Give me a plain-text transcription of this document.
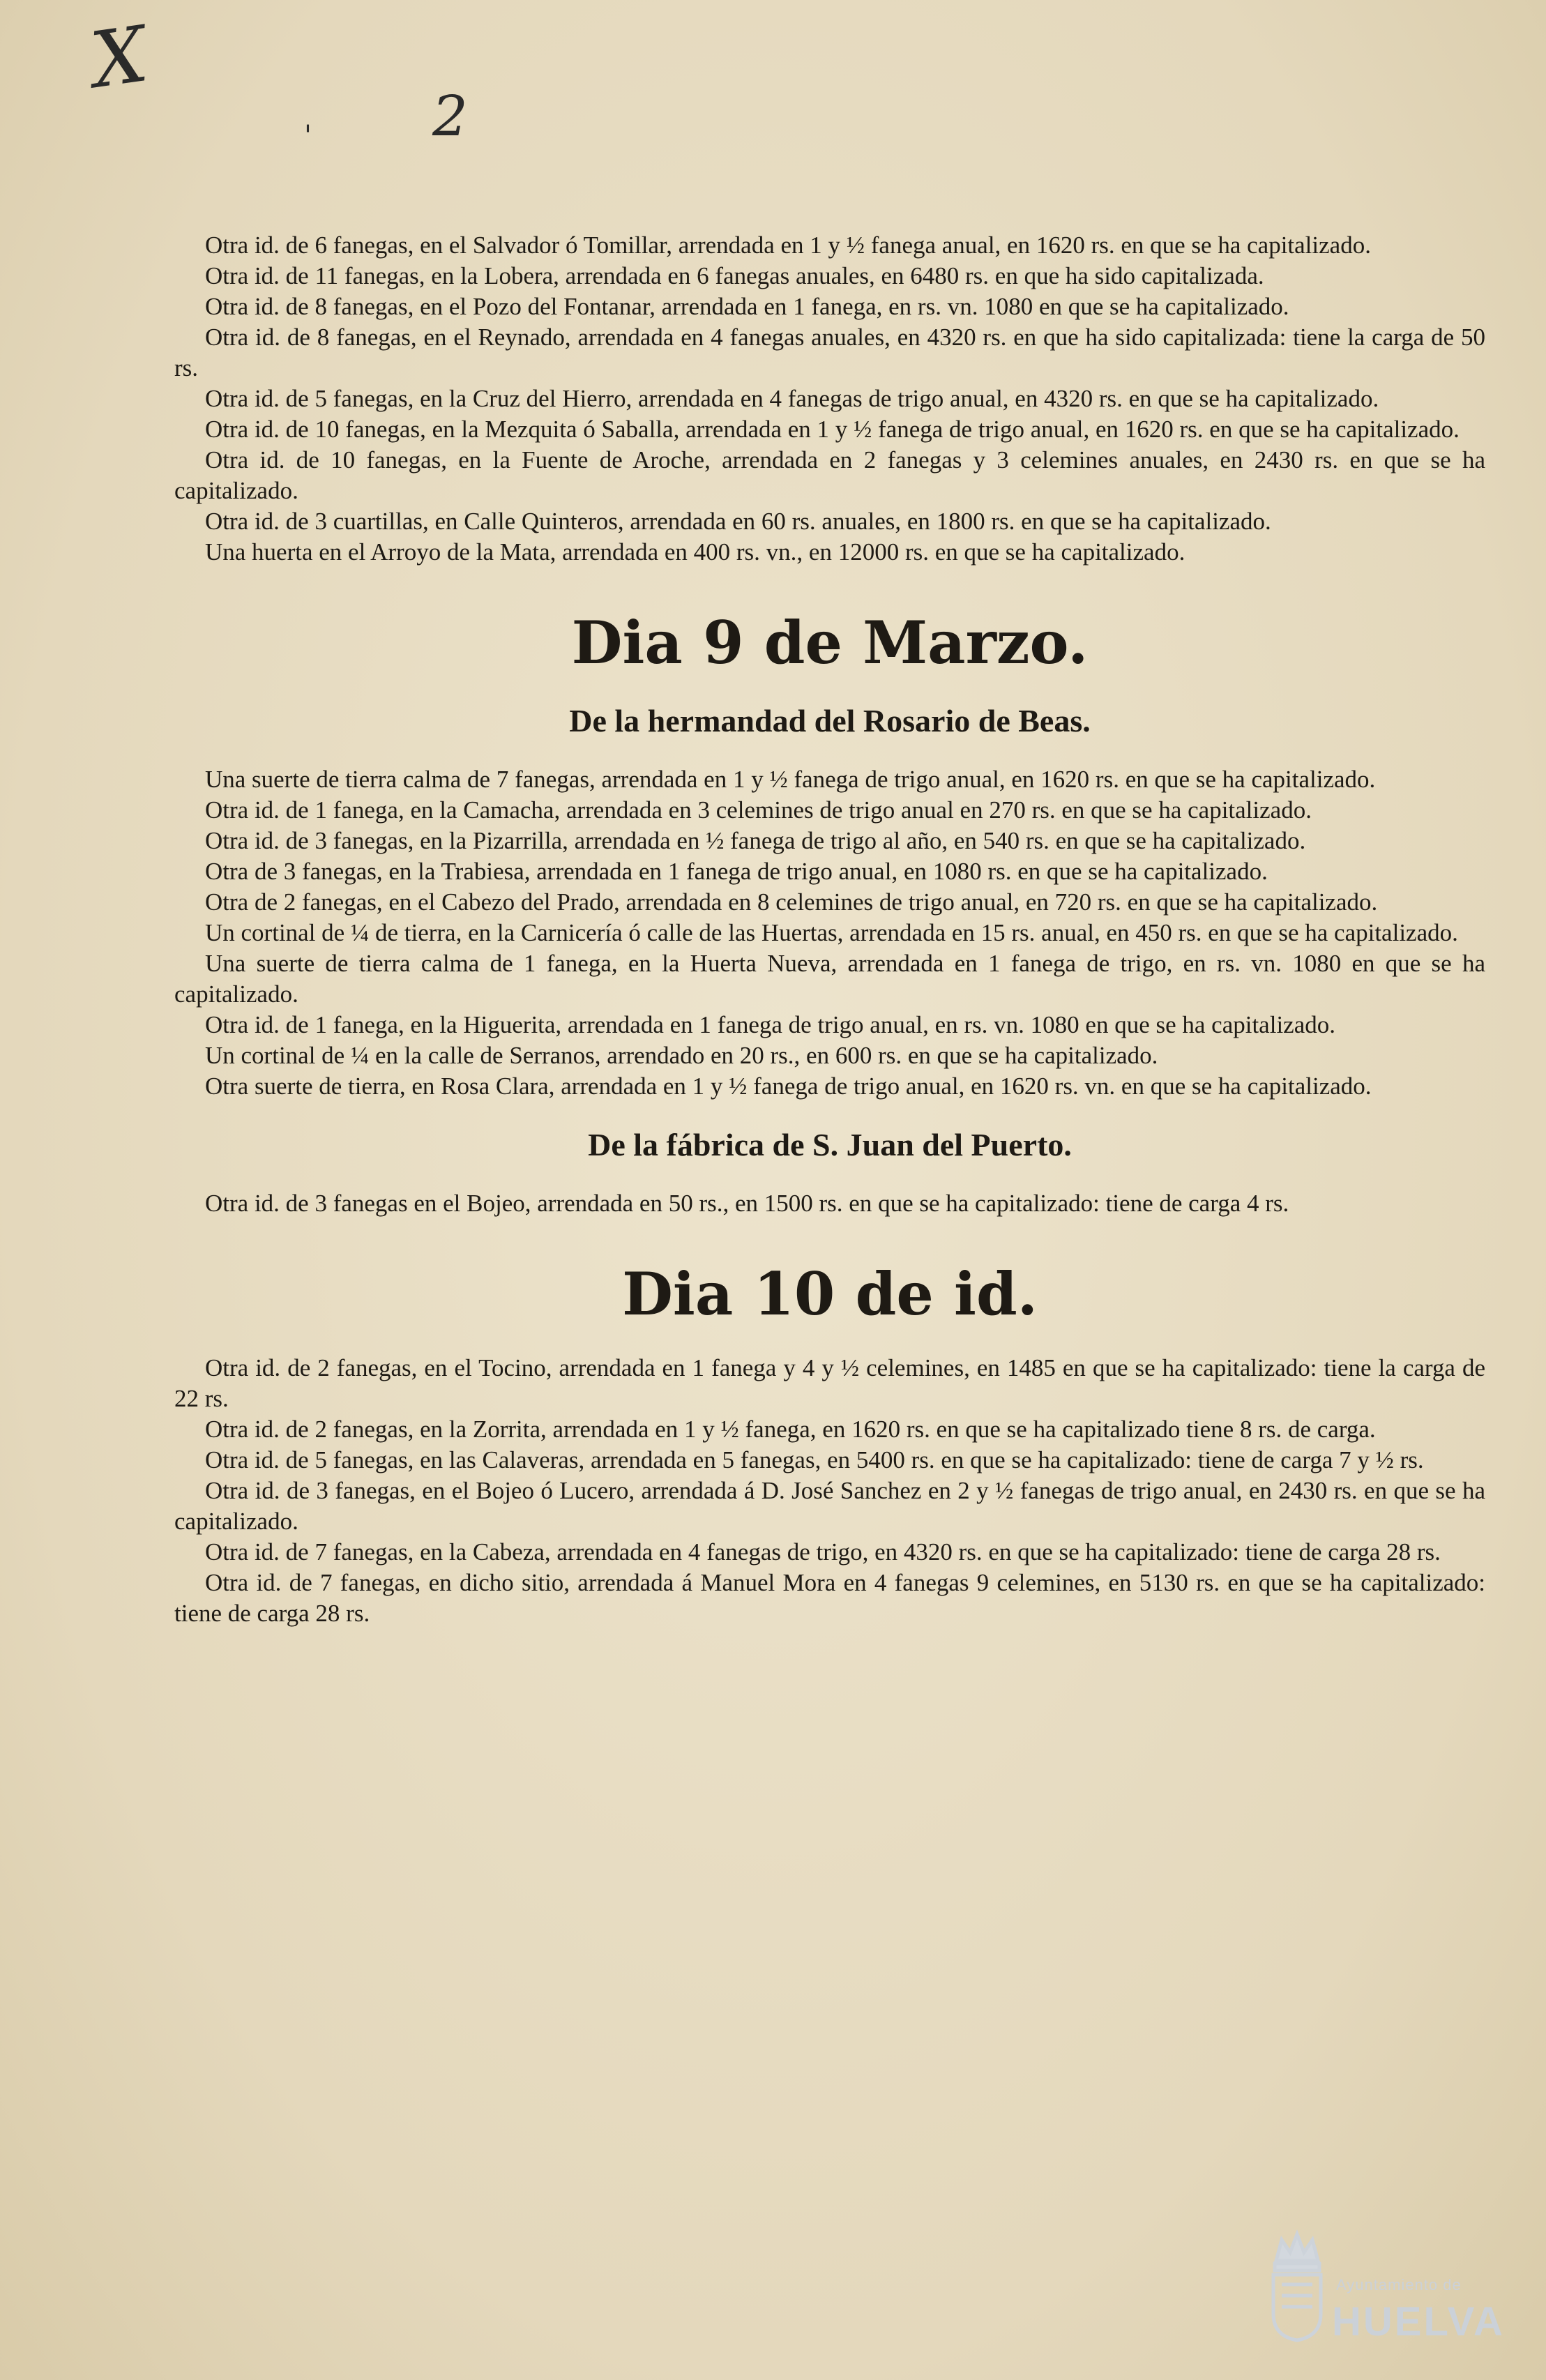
X
2
'

Otra id. de 6 fanegas, en el Salvador ó Tomillar, arrendada en 1 y ½ fanega anual, en 1620 rs. en que se ha capitalizado.

Otra id. de 11 fanegas, en la Lobera, arrendada en 6 fanegas anuales, en 6480 rs. en que ha sido capitalizada.

Otra id. de 8 fanegas, en el Pozo del Fontanar, arrendada en 1 fanega, en rs. vn. 1080 en que se ha capitalizado.

Otra id. de 8 fanegas, en el Reynado, arrendada en 4 fanegas anuales, en 4320 rs. en que ha sido capitalizada: tiene la carga de 50 rs.

Otra id. de 5 fanegas, en la Cruz del Hierro, arrendada en 4 fanegas de trigo anual, en 4320 rs. en que se ha capitalizado.

Otra id. de 10 fanegas, en la Mezquita ó Saballa, arrendada en 1 y ½ fanega de trigo anual, en 1620 rs. en que se ha capitalizado.

Otra id. de 10 fanegas, en la Fuente de Aroche, arrendada en 2 fanegas y 3 celemines anuales, en 2430 rs. en que se ha capitalizado.

Otra id. de 3 cuartillas, en Calle Quinteros, arrendada en 60 rs. anuales, en 1800 rs. en que se ha capitalizado.

Una huerta en el Arroyo de la Mata, arrendada en 400 rs. vn., en 12000 rs. en que se ha capitalizado.

Dia 9 de Marzo.
De la hermandad del Rosario de Beas.

Una suerte de tierra calma de 7 fanegas, arrendada en 1 y ½ fanega de trigo anual, en 1620 rs. en que se ha capitalizado.

Otra id. de 1 fanega, en la Camacha, arrendada en 3 celemines de trigo anual en 270 rs. en que se ha capitalizado.

Otra id. de 3 fanegas, en la Pizarrilla, arrendada en ½ fanega de trigo al año, en 540 rs. en que se ha capitalizado.

Otra de 3 fanegas, en la Trabiesa, arrendada en 1 fanega de trigo anual, en 1080 rs. en que se ha capitalizado.

Otra de 2 fanegas, en el Cabezo del Prado, arrendada en 8 celemines de trigo anual, en 720 rs. en que se ha capitalizado.

Un cortinal de ¼ de tierra, en la Carnicería ó calle de las Huertas, arrendada en 15 rs. anual, en 450 rs. en que se ha capitalizado.

Una suerte de tierra calma de 1 fanega, en la Huerta Nueva, arrendada en 1 fanega de trigo, en rs. vn. 1080 en que se ha capitalizado.

Otra id. de 1 fanega, en la Higuerita, arrendada en 1 fanega de trigo anual, en rs. vn. 1080 en que se ha capitalizado.

Un cortinal de ¼ en la calle de Serranos, arrendado en 20 rs., en 600 rs. en que se ha capitalizado.

Otra suerte de tierra, en Rosa Clara, arrendada en 1 y ½ fanega de trigo anual, en 1620 rs. vn. en que se ha capitalizado.

De la fábrica de S. Juan del Puerto.

Otra id. de 3 fanegas en el Bojeo, arrendada en 50 rs., en 1500 rs. en que se ha capitalizado: tiene de carga 4 rs.

Dia 10 de id.

Otra id. de 2 fanegas, en el Tocino, arrendada en 1 fanega y 4 y ½ celemines, en 1485 en que se ha capitalizado: tiene la carga de 22 rs.

Otra id. de 2 fanegas, en la Zorrita, arrendada en 1 y ½ fanega, en 1620 rs. en que se ha capitalizado tiene 8 rs. de carga.

Otra id. de 5 fanegas, en las Calaveras, arrendada en 5 fanegas, en 5400 rs. en que se ha capitalizado: tiene de carga 7 y ½ rs.

Otra id. de 3 fanegas, en el Bojeo ó Lucero, arrendada á D. José Sanchez en 2 y ½ fanegas de trigo anual, en 2430 rs. en que se ha capitalizado.

Otra id. de 7 fanegas, en la Cabeza, arrendada en 4 fanegas de trigo, en 4320 rs. en que se ha capitalizado: tiene de carga 28 rs.

Otra id. de 7 fanegas, en dicho sitio, arrendada á Manuel Mora en 4 fanegas 9 celemines, en 5130 rs. en que se ha capitalizado: tiene de carga 28 rs.

Ayuntamiento de
HUELVA
